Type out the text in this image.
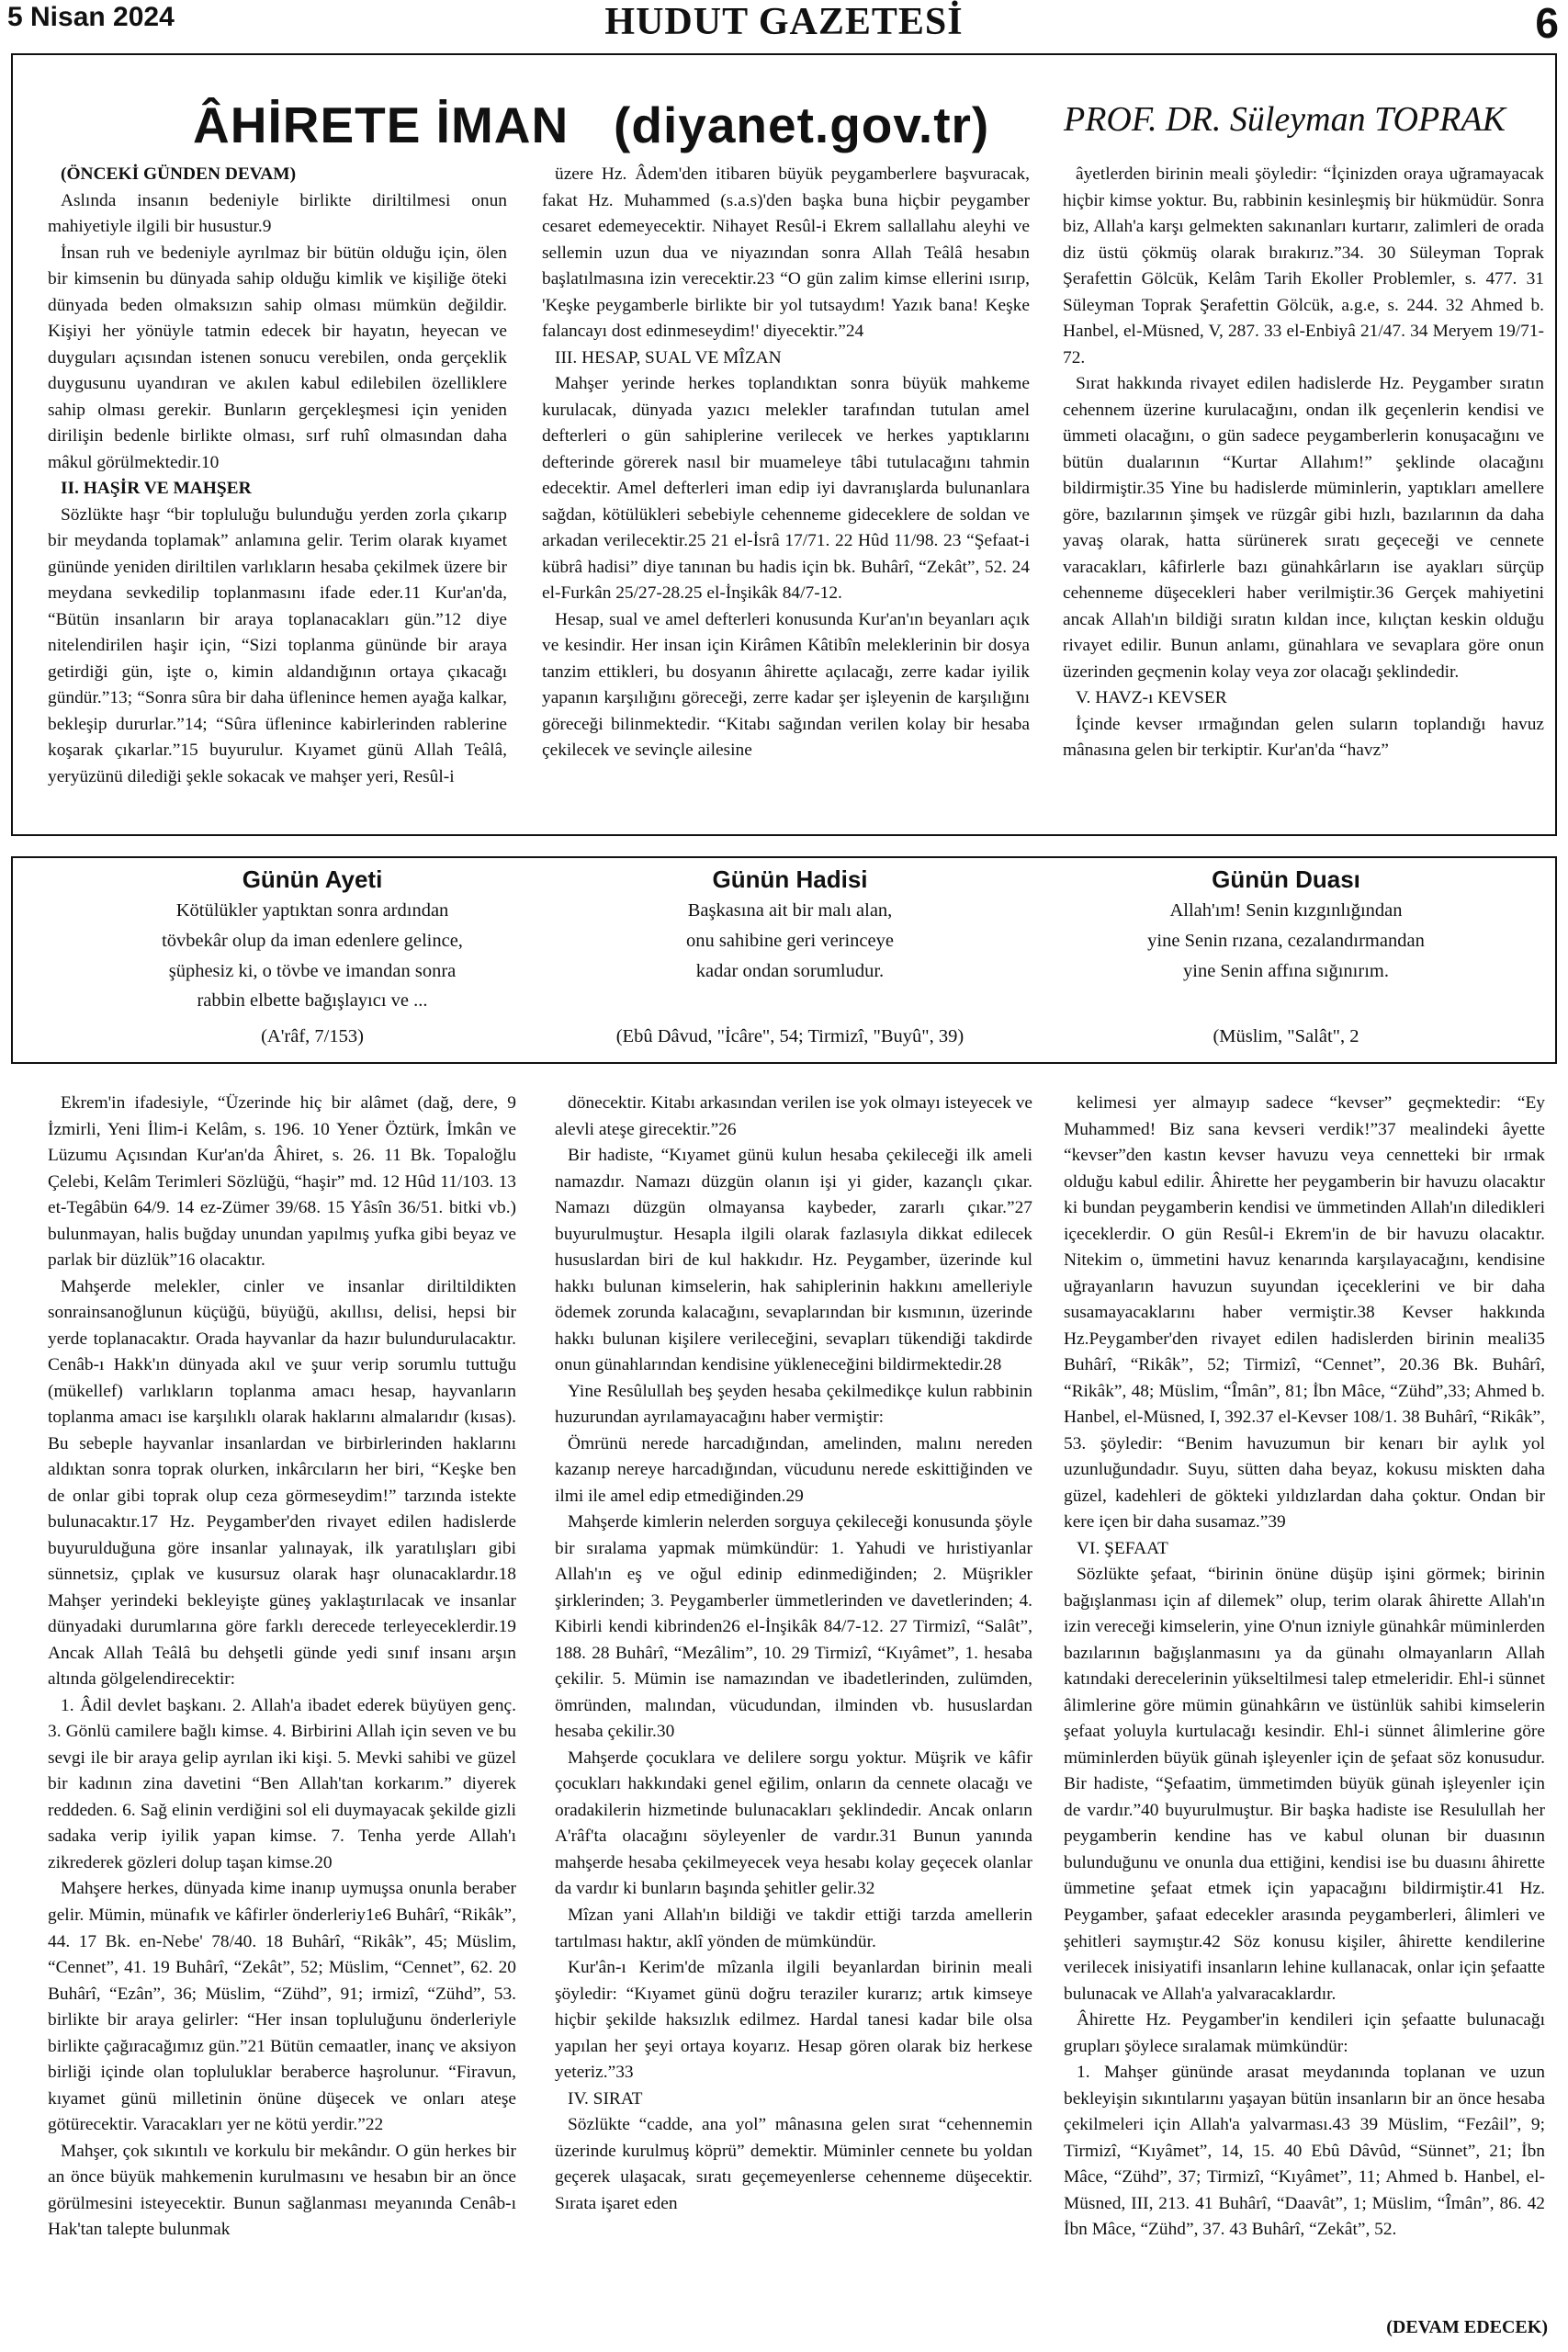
5 Nisan 2024	HUDUT GAZETESİ	6
ÂHİRETE İMAN   (diyanet.gov.tr) PROF. DR. Süleyman TOPRAK

(ÖNCEKİ GÜNDEN DEVAM)

Aslında insanın bedeniyle birlikte diriltilmesi onun mahiyetiyle ilgili bir husustur.9

İnsan ruh ve bedeniyle ayrılmaz bir bütün olduğu için, ölen bir kimsenin bu dünyada sahip olduğu kimlik ve kişiliğe öteki dünyada beden olmaksızın sahip olması mümkün değildir. Kişiyi her yönüyle tatmin edecek bir hayatın, heyecan ve duyguları açısından istenen sonucu verebilen, onda gerçeklik duygusunu uyandıran ve akılen kabul edilebilen özelliklere sahip olması gerekir. Bunların gerçekleşmesi için yeniden dirilişin bedenle birlikte olması, sırf ruhî olmasından daha mâkul görülmektedir.10

II. HAŞİR VE MAHŞER

Sözlükte haşr “bir topluluğu bulunduğu yerden zorla çıkarıp bir meydanda toplamak” anlamına gelir. Terim olarak kıyamet gününde yeniden diriltilen varlıkların hesaba çekilmek üzere bir meydana sevkedilip toplanmasını ifade eder.11 Kur'an'da, “Bütün insanların bir araya toplanacakları gün.”12 diye nitelendirilen haşir için, “Sizi toplanma gününde bir araya getirdiği gün, işte o, kimin aldandığının ortaya çıkacağı gündür.”13; “Sonra sûra bir daha üflenince hemen ayağa kalkar, bekleşip dururlar.”14; “Sûra üflenince kabirlerinden rablerine koşarak çıkarlar.”15 buyurulur. Kıyamet günü Allah Teâlâ, yeryüzünü dilediği şekle sokacak ve mahşer yeri, Resûl-i

üzere Hz. Âdem'den itibaren büyük peygamberlere başvuracak, fakat Hz. Muhammed (s.a.s)'den başka buna hiçbir peygamber cesaret edemeyecektir. Nihayet Resûl-i Ekrem sallallahu aleyhi ve sellemin uzun dua ve niyazından sonra Allah Teâlâ hesabın başlatılmasına izin verecektir.23 “O gün zalim kimse ellerini ısırıp, 'Keşke peygamberle birlikte bir yol tutsaydım! Yazık bana! Keşke falancayı dost edinmeseydim!' diyecektir.”24

III. HESAP, SUAL VE MÎZAN

Mahşer yerinde herkes toplandıktan sonra büyük mahkeme kurulacak, dünyada yazıcı melekler tarafından tutulan amel defterleri o gün sahiplerine verilecek ve herkes yaptıklarını defterinde görerek nasıl bir muameleye tâbi tutulacağını tahmin edecektir. Amel defterleri iman edip iyi davranışlarda bulunanlara sağdan, kötülükleri sebebiyle cehenneme gideceklere de soldan ve arkadan verilecektir.25 21 el-İsrâ 17/71. 22 Hûd 11/98. 23 “Şefaat-i kübrâ hadisi” diye tanınan bu hadis için bk. Buhârî, “Zekât”, 52. 24 el-Furkân 25/27-28.25 el-İnşikâk 84/7-12.

Hesap, sual ve amel defterleri konusunda Kur'an'ın beyanları açık ve kesindir. Her insan için Kirâmen Kâtibîn meleklerinin bir dosya tanzim ettikleri, bu dosyanın âhirette açılacağı, zerre kadar iyilik yapanın karşılığını göreceği, zerre kadar şer işleyenin de karşılığını göreceği bilinmektedir. “Kitabı sağından verilen kolay bir hesaba çekilecek ve sevinçle ailesine

âyetlerden birinin meali şöyledir: “İçinizden oraya uğramayacak hiçbir kimse yoktur. Bu, rabbinin kesinleşmiş bir hükmüdür. Sonra biz, Allah'a karşı gelmekten sakınanları kurtarır, zalimleri de orada diz üstü çökmüş olarak bırakırız.”34. 30 Süleyman Toprak Şerafettin Gölcük, Kelâm Tarih Ekoller Problemler, s. 477. 31 Süleyman Toprak Şerafettin Gölcük, a.g.e, s. 244. 32 Ahmed b. Hanbel, el-Müsned, V, 287. 33 el-Enbiyâ 21/47. 34 Meryem 19/71-72.

Sırat hakkında rivayet edilen hadislerde Hz. Peygamber sıratın cehennem üzerine kurulacağını, ondan ilk geçenlerin kendisi ve ümmeti olacağını, o gün sadece peygamberlerin konuşacağını ve bütün dualarının “Kurtar Allahım!” şeklinde olacağını bildirmiştir.35 Yine bu hadislerde müminlerin, yaptıkları amellere göre, bazılarının şimşek ve rüzgâr gibi hızlı, bazılarının da daha yavaş olarak, hatta sürünerek sıratı geçeceği ve cennete varacakları, kâfirlerle bazı günahkârların ise ayakları sürçüp cehenneme düşecekleri haber verilmiştir.36 Gerçek mahiyetini ancak Allah'ın bildiği sıratın kıldan ince, kılıçtan keskin olduğu rivayet edilir. Bunun anlamı, günahlara ve sevaplara göre onun üzerinden geçmenin kolay veya zor olacağı şeklindedir.

V. HAVZ-ı KEVSER

İçinde kevser ırmağından gelen suların toplandığı havuz mânasına gelen bir terkiptir. Kur'an'da “havz”

Günün Ayeti

Kötülükler yaptıktan sonra ardından

tövbekâr olup da iman edenlere gelince,

şüphesiz ki, o tövbe ve imandan sonra

rabbin elbette bağışlayıcı ve ...

(A'râf, 7/153)

Günün Hadisi

Başkasına ait bir malı alan,

onu sahibine geri verinceye

kadar ondan sorumludur.

(Ebû Dâvud, "İcâre", 54; Tirmizî, "Buyû", 39)

Günün Duası

Allah'ım! Senin kızgınlığından

yine Senin rızana, cezalandırmandan

yine Senin affına sığınırım.

(Müslim, "Salât", 2

Ekrem'in ifadesiyle, “Üzerinde hiç bir alâmet (dağ, dere, 9 İzmirli, Yeni İlim-i Kelâm, s. 196. 10 Yener Öztürk, İmkân ve Lüzumu Açısından Kur'an'da Âhiret, s. 26. 11 Bk. Topaloğlu Çelebi, Kelâm Terimleri Sözlüğü, “haşir” md. 12 Hûd 11/103. 13 et-Tegâbün 64/9. 14 ez-Zümer 39/68. 15 Yâsîn 36/51. bitki vb.) bulunmayan, halis buğday unundan yapılmış yufka gibi beyaz ve parlak bir düzlük”16 olacaktır.

Mahşerde melekler, cinler ve insanlar diriltildikten sonrainsanoğlunun küçüğü, büyüğü, akıllısı, delisi, hepsi bir yerde toplanacaktır. Orada hayvanlar da hazır bulundurulacaktır. Cenâb-ı Hakk'ın dünyada akıl ve şuur verip sorumlu tuttuğu (mükellef) varlıkların toplanma amacı hesap, hayvanların toplanma amacı ise karşılıklı olarak haklarını almalarıdır (kısas). Bu sebeple hayvanlar insanlardan ve birbirlerinden haklarını aldıktan sonra toprak olurken, inkârcıların her biri, “Keşke ben de onlar gibi toprak olup ceza görmeseydim!” tarzında istekte bulunacaktır.17 Hz. Peygamber'den rivayet edilen hadislerde buyurulduğuna göre insanlar yalınayak, ilk yaratılışları gibi sünnetsiz, çıplak ve kusursuz olarak haşr olunacaklardır.18 Mahşer yerindeki bekleyişte güneş yaklaştırılacak ve insanlar dünyadaki durumlarına göre farklı derecede terleyeceklerdir.19 Ancak Allah Teâlâ bu dehşetli günde yedi sınıf insanı arşın altında gölgelendirecektir:

1. Âdil devlet başkanı. 2. Allah'a ibadet ederek büyüyen genç. 3. Gönlü camilere bağlı kimse. 4. Birbirini Allah için seven ve bu sevgi ile bir araya gelip ayrılan iki kişi. 5. Mevki sahibi ve güzel bir kadının zina davetini “Ben Allah'tan korkarım.” diyerek reddeden. 6. Sağ elinin verdiğini sol eli duymayacak şekilde gizli sadaka verip iyilik yapan kimse. 7. Tenha yerde Allah'ı zikrederek gözleri dolup taşan kimse.20

Mahşere herkes, dünyada kime inanıp uymuşsa onunla beraber gelir. Mümin, münafık ve kâfirler önderleriy1e6 Buhârî, “Rikâk”, 44. 17 Bk. en-Nebe' 78/40. 18 Buhârî, “Rikâk”, 45; Müslim, “Cennet”, 41. 19 Buhârî, “Zekât”, 52; Müslim, “Cennet”, 62. 20 Buhârî, “Ezân”, 36; Müslim, “Zühd”, 91; irmizî, “Zühd”, 53. birlikte bir araya gelirler: “Her insan topluluğunu önderleriyle birlikte çağıracağımız gün.”21 Bütün cemaatler, inanç ve aksiyon birliği içinde olan topluluklar beraberce haşrolunur. “Firavun, kıyamet günü milletinin önüne düşecek ve onları ateşe götürecektir. Varacakları yer ne kötü yerdir.”22

Mahşer, çok sıkıntılı ve korkulu bir mekândır. O gün herkes bir an önce büyük mahkemenin kurulmasını ve hesabın bir an önce görülmesini isteyecektir. Bunun sağlanması meyanında Cenâb-ı Hak'tan talepte bulunmak

dönecektir. Kitabı arkasından verilen ise yok olmayı isteyecek ve alevli ateşe girecektir.”26

Bir hadiste, “Kıyamet günü kulun hesaba çekileceği ilk ameli namazdır. Namazı düzgün olanın işi yi gider, kazançlı çıkar. Namazı düzgün olmayansa kaybeder, zararlı çıkar.”27 buyurulmuştur. Hesapla ilgili olarak fazlasıyla dikkat edilecek hususlardan biri de kul hakkıdır. Hz. Peygamber, üzerinde kul hakkı bulunan kimselerin, hak sahiplerinin hakkını amelleriyle ödemek zorunda kalacağını, sevaplarından bir kısmının, üzerinde hakkı bulunan kişilere verileceğini, sevapları tükendiği takdirde onun günahlarından kendisine yükleneceğini bildirmektedir.28

Yine Resûlullah beş şeyden hesaba çekilmedikçe kulun rabbinin huzurundan ayrılamayacağını haber vermiştir:

Ömrünü nerede harcadığından, amelinden, malını nereden kazanıp nereye harcadığından, vücudunu nerede eskittiğinden ve ilmi ile amel edip etmediğinden.29

Mahşerde kimlerin nelerden sorguya çekileceği konusunda şöyle bir sıralama yapmak mümkündür: 1. Yahudi ve hıristiyanlar Allah'ın eş ve oğul edinip edinmediğinden; 2. Müşrikler şirklerinden; 3. Peygamberler ümmetlerinden ve davetlerinden; 4. Kibirli kendi kibrinden26 el-İnşikâk 84/7-12. 27 Tirmizî, “Salât”, 188. 28 Buhârî, “Mezâlim”, 10. 29 Tirmizî, “Kıyâmet”, 1. hesaba çekilir. 5. Mümin ise namazından ve ibadetlerinden, zulümden, ömründen, malından, vücudundan, ilminden vb. hususlardan hesaba çekilir.30

Mahşerde çocuklara ve delilere sorgu yoktur. Müşrik ve kâfir çocukları hakkındaki genel eğilim, onların da cennete olacağı ve oradakilerin hizmetinde bulunacakları şeklindedir. Ancak onların A'râf'ta olacağını söyleyenler de vardır.31 Bunun yanında mahşerde hesaba çekilmeyecek veya hesabı kolay geçecek olanlar da vardır ki bunların başında şehitler gelir.32

Mîzan yani Allah'ın bildiği ve takdir ettiği tarzda amellerin tartılması haktır, aklî yönden de mümkündür.

Kur'ân-ı Kerim'de mîzanla ilgili beyanlardan birinin meali şöyledir: “Kıyamet günü doğru teraziler kurarız; artık kimseye hiçbir şekilde haksızlık edilmez. Hardal tanesi kadar bile olsa yapılan her şeyi ortaya koyarız. Hesap gören olarak biz herkese yeteriz.”33

IV. SIRAT

Sözlükte “cadde, ana yol” mânasına gelen sırat “cehennemin üzerinde kurulmuş köprü” demektir. Müminler cennete bu yoldan geçerek ulaşacak, sıratı geçemeyenlerse cehenneme düşecektir. Sırata işaret eden

kelimesi yer almayıp sadece “kevser” geçmektedir: “Ey Muhammed! Biz sana kevseri verdik!”37 mealindeki âyette “kevser”den kastın kevser havuzu veya cennetteki bir ırmak olduğu kabul edilir. Âhirette her peygamberin bir havuzu olacaktır ki bundan peygamberin kendisi ve ümmetinden Allah'ın diledikleri içeceklerdir. O gün Resûl-i Ekrem'in de bir havuzu olacaktır. Nitekim o, ümmetini havuz kenarında karşılayacağını, kendisine uğrayanların havuzun suyundan içeceklerini ve bir daha susamayacaklarını haber vermiştir.38 Kevser hakkında Hz.Peygamber'den rivayet edilen hadislerden birinin meali35 Buhârî, “Rikâk”, 52; Tirmizî, “Cennet”, 20.36 Bk. Buhârî, “Rikâk”, 48; Müslim, “Îmân”, 81; İbn Mâce, “Zühd”,33; Ahmed b. Hanbel, el-Müsned, I, 392.37 el-Kevser 108/1. 38 Buhârî, “Rikâk”, 53. şöyledir: “Benim havuzumun bir kenarı bir aylık yol uzunluğundadır. Suyu, sütten daha beyaz, kokusu miskten daha güzel, kadehleri de gökteki yıldızlardan daha çoktur. Ondan bir kere içen bir daha susamaz.”39

VI. ŞEFAAT

Sözlükte şefaat, “birinin önüne düşüp işini görmek; birinin bağışlanması için af dilemek” olup, terim olarak âhirette Allah'ın izin vereceği kimselerin, yine O'nun izniyle günahkâr müminlerden bazılarının bağışlanmasını ya da günahı olmayanların Allah katındaki derecelerinin yükseltilmesi talep etmeleridir. Ehl-i sünnet âlimlerine göre mümin günahkârın ve üstünlük sahibi kimselerin şefaat yoluyla kurtulacağı kesindir. Ehl-i sünnet âlimlerine göre müminlerden büyük günah işleyenler için de şefaat söz konusudur. Bir hadiste, “Şefaatim, ümmetimden büyük günah işleyenler için de vardır.”40 buyurulmuştur. Bir başka hadiste ise Resulullah her peygamberin kendine has ve kabul olunan bir duasının bulunduğunu ve onunla dua ettiğini, kendisi ise bu duasını âhirette ümmetine şefaat etmek için yapacağını bildirmiştir.41 Hz. Peygamber, şafaat edecekler arasında peygamberleri, âlimleri ve şehitleri saymıştır.42 Söz konusu kişiler, âhirette kendilerine verilecek inisiyatifi insanların lehine kullanacak, onlar için şefaatte bulunacak ve Allah'a yalvaracaklardır.

Âhirette Hz. Peygamber'in kendileri için şefaatte bulunacağı grupları şöylece sıralamak mümkündür:

1. Mahşer gününde arasat meydanında toplanan ve uzun bekleyişin sıkıntılarını yaşayan bütün insanların bir an önce hesaba çekilmeleri için Allah'a yalvarması.43 39 Müslim, “Fezâil”, 9; Tirmizî, “Kıyâmet”, 14, 15. 40 Ebû Dâvûd, “Sünnet”, 21; İbn Mâce, “Zühd”, 37; Tirmizî, “Kıyâmet”, 11; Ahmed b. Hanbel, el-Müsned, III, 213. 41 Buhârî, “Daavât”, 1; Müslim, “Îmân”, 86. 42 İbn Mâce, “Zühd”, 37. 43 Buhârî, “Zekât”, 52.

(DEVAM EDECEK)
